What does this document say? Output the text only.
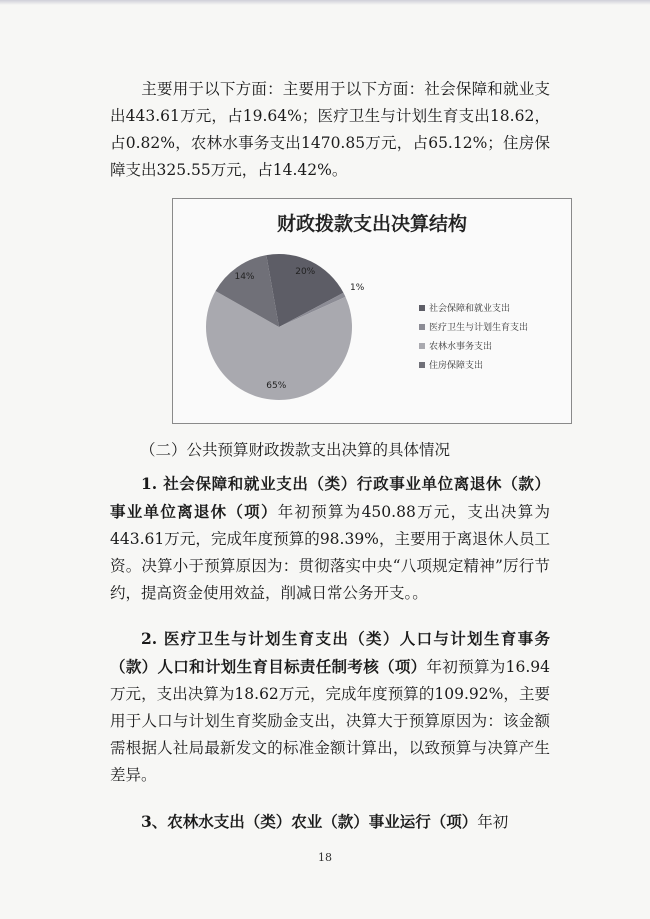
主要用于以下方面：主要用于以下方面：社会保障和就业支出443.61万元，占19.64%；医疗卫生与计划生育支出18.62，占0.82%，农林水事务支出1470.85万元，占65.12%；住房保障支出325.55万元，占14.42%。

财政拨款支出决算结构
社会保障和就业支出
医疗卫生与计划生育支出
农林水事务支出
住房保障支出
20%
1%
65%
14%
（二）公共预算财政拨款支出决算的具体情况

1. 社会保障和就业支出（类）行政事业单位离退休（款）事业单位离退休（项）年初预算为450.88万元，支出决算为443.61万元，完成年度预算的98.39%，主要用于离退休人员工资。决算小于预算原因为：贯彻落实中央“八项规定精神”厉行节约，提高资金使用效益，削减日常公务开支。。

2. 医疗卫生与计划生育支出（类）人口与计划生育事务（款）人口和计划生育目标责任制考核（项）年初预算为16.94万元，支出决算为18.62万元，完成年度预算的109.92%，主要用于人口与计划生育奖励金支出，决算大于预算原因为：该金额需根据人社局最新发文的标准金额计算出，以致预算与决算产生差异。

3、农林水支出（类）农业（款）事业运行（项）年初

18
